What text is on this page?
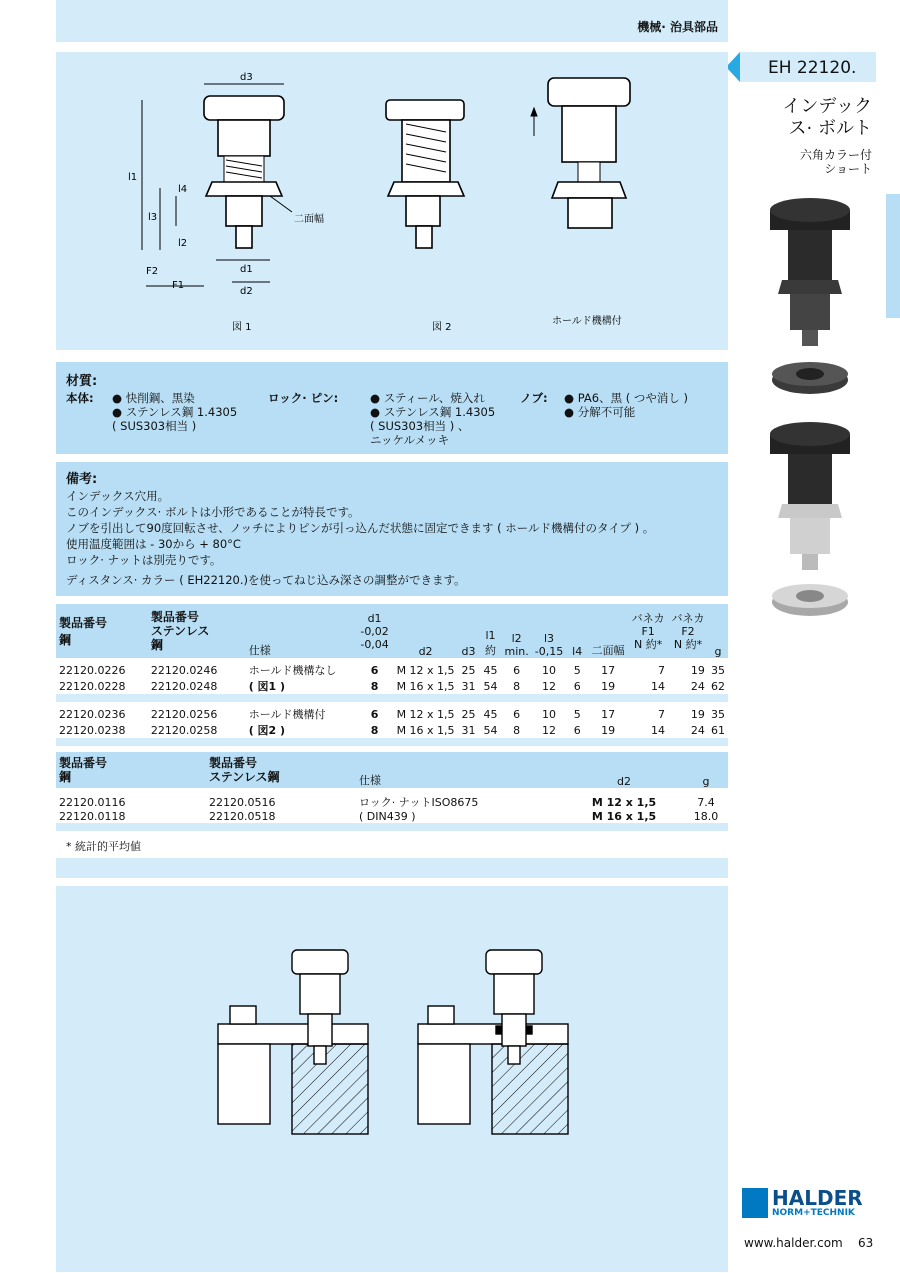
機械· 治具部品
EH 22120.
インデック
ス· ボルト
六角カラー付
ショート
d3
l1
l4
l3
l2
F2
F1
d1
d2
二面幅
図 1	図 2
ホールド機構付
材質:
本体: ● 快削鋼、黒染
● ステンレス鋼 1.4305
( SUS303相当 )
ロック· ピン:	● スティール、焼入れ
● ステンレス鋼 1.4305
( SUS303相当 ) 、
ニッケルメッキ
ノブ: ● PA6、黒 ( つや消し )
● 分解不可能
備考:
インデックス穴用。
このインデックス· ボルトは小形であることが特長です。
ノブを引出して90度回転させ、ノッチによりピンが引っ込んだ状態に固定できます ( ホールド機構付のタイプ ) 。
使用温度範囲は - 30から + 80°C
ロック· ナットは別売りです。
ディスタンス· カラー ( EH22120.)を使ってねじ込み深さの調整ができます。
製品番号
鋼	製品番号
ステンレス
鋼	仕様	d1
-0,02
-0,04	d2	d3	l1
約	l2
min.	l3
-0,15	l4	二面幅	バネカ
F1
N 約*	バネカ
F2
N 約*	g

22120.0226	22120.0246	ホールド機構なし	6	M 12 x 1,5	25	45	6	10	5	17	7	19	35
22120.0228	22120.0248	( 図1 )	8	M 16 x 1,5	31	54	8	12	6	19	14	24	62

22120.0236	22120.0256	ホールド機構付	6	M 12 x 1,5	25	45	6	10	5	17	7	19	35
22120.0238	22120.0258	( 図2 )	8	M 16 x 1,5	31	54	8	12	6	19	14	24	61

製品番号
鋼	製品番号
ステンレス鋼	仕様	d2	g

22120.0116	22120.0516	ロック· ナットISO8675	M 12 x 1,5	7.4
22120.0118	22120.0518	( DIN439 )	M 16 x 1,5	18.0

* 統計的平均値
HALDER
NORM+TECHNIK
www.halder.com 63
